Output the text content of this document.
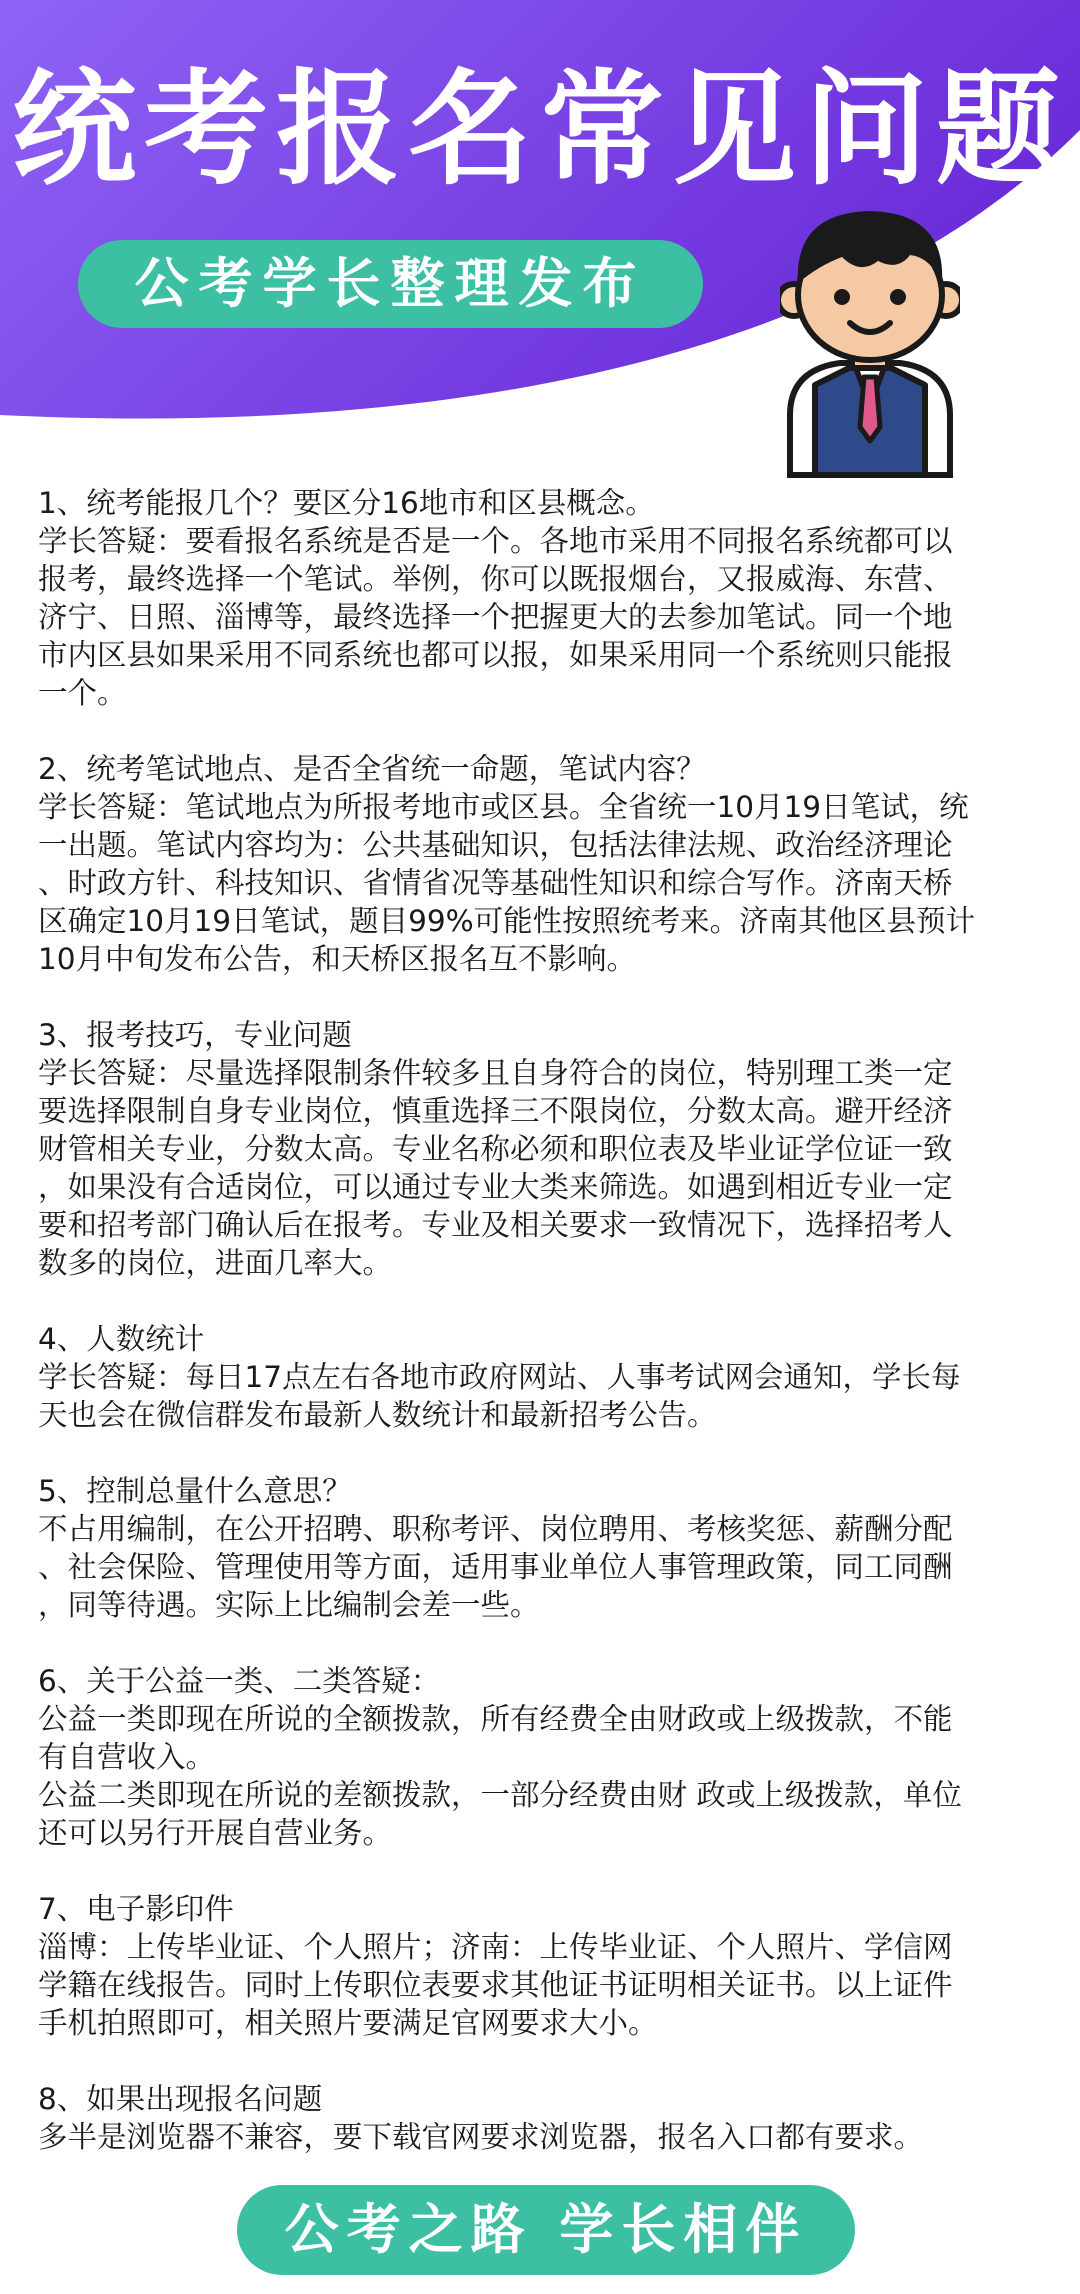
统考报名常见问题
公考学长整理发布
1、统考能报几个？要区分16地市和区县概念。
学长答疑：要看报名系统是否是一个。各地市采用不同报名系统都可以
报考，最终选择一个笔试。举例，你可以既报烟台，又报威海、东营、
济宁、日照、淄博等，最终选择一个把握更大的去参加笔试。同一个地
市内区县如果采用不同系统也都可以报，如果采用同一个系统则只能报
一个。
2、统考笔试地点、是否全省统一命题，笔试内容？
学长答疑：笔试地点为所报考地市或区县。全省统一10月19日笔试，统
一出题。笔试内容均为：公共基础知识，包括法律法规、政治经济理论
、时政方针、科技知识、省情省况等基础性知识和综合写作。济南天桥
区确定10月19日笔试，题目99%可能性按照统考来。济南其他区县预计
10月中旬发布公告，和天桥区报名互不影响。
3、报考技巧，专业问题
学长答疑：尽量选择限制条件较多且自身符合的岗位，特别理工类一定
要选择限制自身专业岗位，慎重选择三不限岗位，分数太高。避开经济
财管相关专业，分数太高。专业名称必须和职位表及毕业证学位证一致
，如果没有合适岗位，可以通过专业大类来筛选。如遇到相近专业一定
要和招考部门确认后在报考。专业及相关要求一致情况下，选择招考人
数多的岗位，进面几率大。
4、人数统计
学长答疑：每日17点左右各地市政府网站、人事考试网会通知，学长每
天也会在微信群发布最新人数统计和最新招考公告。
5、控制总量什么意思？
不占用编制，在公开招聘、职称考评、岗位聘用、考核奖惩、薪酬分配
、社会保险、管理使用等方面，适用事业单位人事管理政策，同工同酬
，同等待遇。实际上比编制会差一些。
6、关于公益一类、二类答疑：
公益一类即现在所说的全额拨款，所有经费全由财政或上级拨款，不能
有自营收入。
公益二类即现在所说的差额拨款，一部分经费由财 政或上级拨款，单位
还可以另行开展自营业务。
7、电子影印件
淄博：上传毕业证、个人照片；济南：上传毕业证、个人照片、学信网
学籍在线报告。同时上传职位表要求其他证书证明相关证书。以上证件
手机拍照即可，相关照片要满足官网要求大小。
8、如果出现报名问题
多半是浏览器不兼容，要下载官网要求浏览器，报名入口都有要求。
公考之路 学长相伴
